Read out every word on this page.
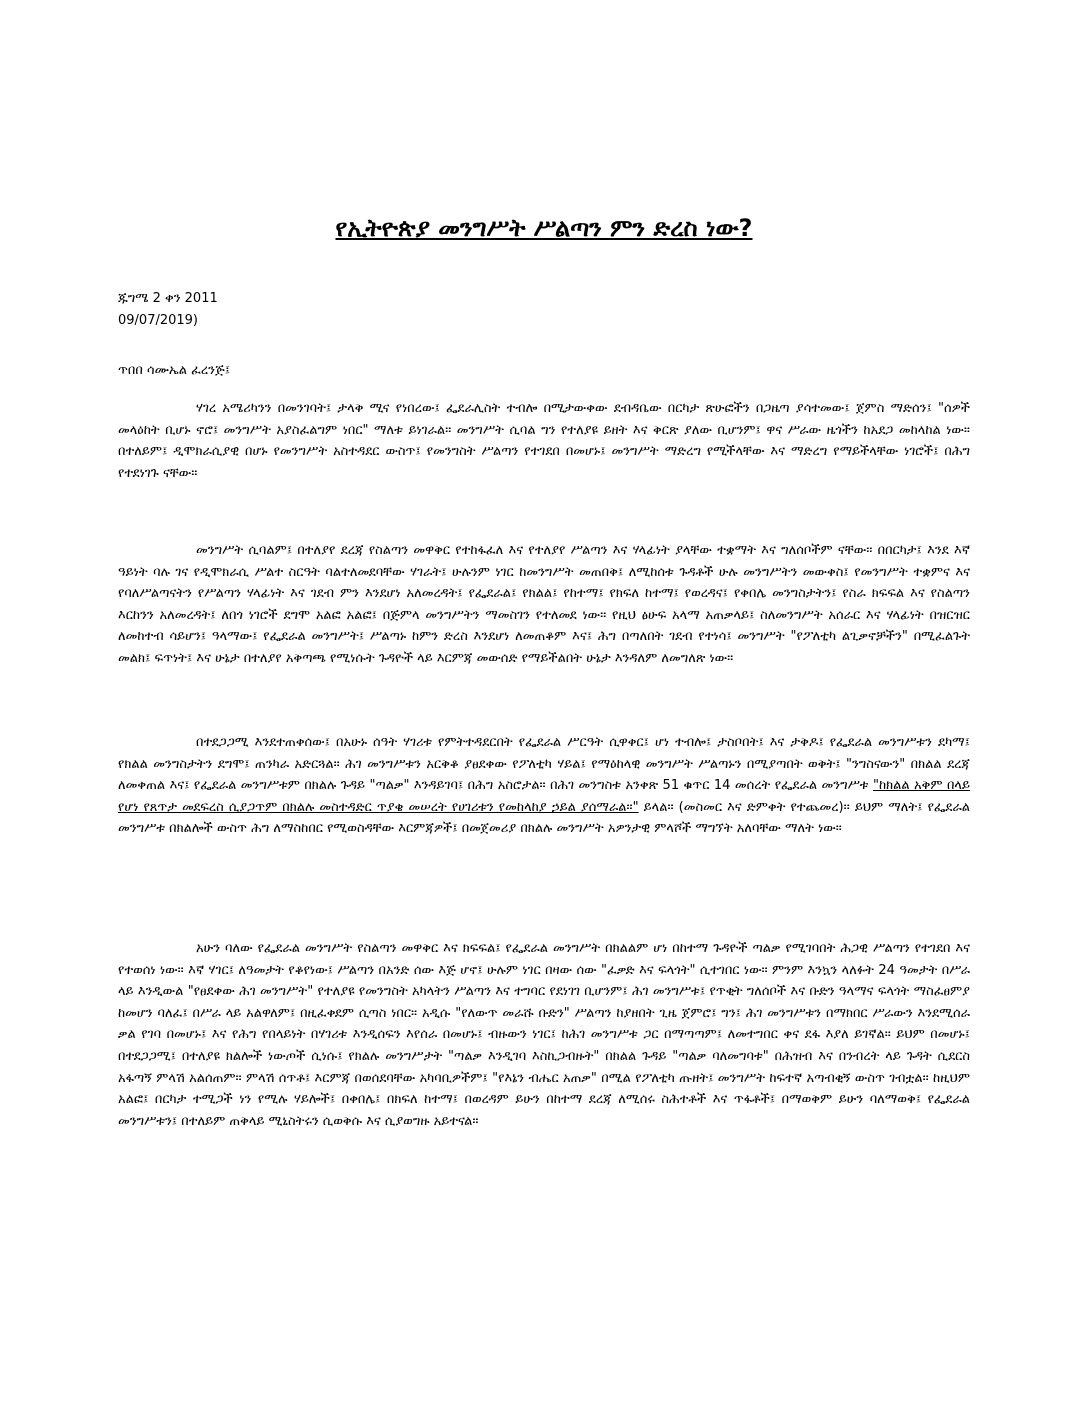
የኢትዮጵያ መንግሥት ሥልጣን ምን ድረስ ነው?
ጁግሜ 2 ቀን 2011
09/07/2019)

ጥበበ ሳሙኤል ፈረንጅ፤

ሃገረ አሜሪካንን በመንገባት፤ ታላቅ ሚና የነበረው፤ ፌደራሊስት ተብሎ በሚታውቀው ደብዳቤው በርካታ ጽሁፎችን በጋዜጣ ያሳተመው፤ ጀምስ ማድሰን፤ "ሰዎች መላዕከት ቢሆኑ ኖሮ፤ መንግሥት አያስፈልግም ነበር" ማለቱ ይነገራል። መንግሥት ሲባል ግን የተለያዩ ይዘት እና ቅርጽ ያለው ቢሆንም፤ ዋና ሥራው ዜጎችን ከአደጋ መከላከል ነው። በተለይም፤ ዲሞክራሲያዊ በሆኑ የመንግሥት አስተዳደር ውስጥ፤ የመንግስት ሥልጣን የተገደበ በመሆኑ፤ መንግሥት ማድረግ የሚችላቸው እና ማድረግ የማይችላቸው ነገሮች፤ በሕግ የተደነገጉ ናቸው።

መንግሥት ሲባልም፤ በተለያየ ደረጃ የስልጣን መዋቅር የተከፋፈለ እና የተለያየ ሥልጣን እና ሃላፊነት ያላቸው ተቋማት እና ግለሰቦችም ናቸው፡፡ በበርካታ፤ እንደ እኛ ዓይነት ባሉ ገና የዲሞክራሲ ሥልተ ስርዓት ባልተለመደባቸው ሃገራት፤ ሁሉንም ነገር ከመንግሥት መጠበቅ፤ ለሚከሰቱ ጉዳቶች ሁሉ መንግሥትን መውቀስ፤ የመንግሥት ተቋምና እና የባለሥልጣናትን የሥልጣን ሃላፊነት እና ገደብ ምን እንደሆነ አለመረዳት፤ የፌደራል፤ የክልል፤ የከተማ፤ የክፍለ ከተማ፤ የወረዳና፤ የቀበሌ መንግስታትን፤ የስራ ክፍፍል እና የስልጣን እርከንን አለመረዳት፤ ለበጎ ነገሮች ደግሞ አልፎ አልፎ፤ በጅምላ መንግሥትን ማመስገን የተለመደ ነው። የዚህ ፅሁፍ አላማ አጠቃላይ፤ ስለመንግሥት አሰራር እና ሃላፊነት በዝርዝር ለመከተብ ሳይሆን፤ ዓላማው፤ የፌደራል መንግሥት፤ ሥልጣኑ ከምን ድረስ እንደሆነ ለመጠቆም እና፤ ሕግ በጣለበት ገደብ የተነሳ፤ መንግሥት "የፖለቲካ ልጊቃኖቻችን" በሚፈልጉት መልክ፤ ፍጥነት፤ እና ሁኔታ በተለያየ አቅጣጫ የሚነሱት ጉዳዮች ላይ እርምጃ መውሰድ የማይችልበት ሁኔታ እንዳለም ለመግለጽ ነው።

በተደጋጋሚ እንደተጠቀሰው፤ በአሁኑ ሰዓት ሃገሪቱ የምትተዳደርበት የፌደራል ሥርዓት ሲዋቀር፤ ሆነ ተብሎ፤ ታስቦበት፤ እና ታቅዶ፤ የፌደራል መንግሥቱን ደካማ፤ የክልል መንግስታትን ደግሞ፤ ጠንካራ አድርጓል። ሕገ መንግሥቱን አርቅቆ ያፀደቀው የፖለቲካ ሃይል፤ የማዕከላዊ መንግሥት ሥልጣኑን በሚያጣበት ወቅት፤ "ንግስናውን" በክልል ደረጃ ለመቀጠል እና፤ የፌደራል መንግሥቱም በክልሉ ጉዳይ "ጣልቃ" እንዳይገባ፤ በሕግ አስሮታል። በሕገ መንግስቱ አንቀጽ 51 ቁጥር 14 መሰረት የፌደራል መንግሥቱ "ከክልል አቅም በላይ የሆነ የጸጥታ መደፍረስ ሲያጋጥም በክልሉ መስተዳድር ጥያቄ መሠረት የሀገሪቱን የመከላከያ ኃይል ያሰማራል፡፡" ይላል። (መስመር እና ድምቀት የተጨመረ)፡፡ ይህም ማለት፤ የፌደራል መንግሥቱ በክልሎች ውስጥ ሕግ ለማስከበር የሚወስዳቸው እርምጃዎች፤ በመጀመሪያ በክልሉ መንግሥት አዎንታዊ ምላሾች ማግኘት አለባቸው ማለት ነው፡፡

አሁን ባለው የፌደራል መንግሥት የስልጣን መዋቅር እና ክፍፍል፤ የፌደራል መንግሥት በክልልም ሆነ በከተማ ጉዳዮች ጣልቃ የሚገባበት ሕጋዊ ሥልጣን የተገደበ እና የተወሰነ ነው። እኛ ሃገር፤ ለዓመታት የቆየነው፤ ሥልጣን በአንድ ሰው እጅ ሆኖ፤ ሁሉም ነገር በዛው ሰው "ፈቃድ እና ፍላጎት" ሲተገበር ነው። ምንም እንኳን ላለፉት 24 ዓመታት በሥራ ላይ እንዲውል "የፀደቀው ሕገ መንግሥት" የተለያዩ የመንግስት አካላትን ሥልጣን እና ተግባር የደነገገ ቢሆንም፤ ሕገ መንግሥቱ፤ የጥቂት ግለሰቦች እና ቡድን ዓላማና ፍላጎት ማስፈፀምያ ከመሆን ባለፈ፤ በሥራ ላይ አልዋለም፤ በዚፈቀደም ሲጣስ ነበር። አዲሱ "የለውጥ መራሹ ቡድን" ሥልጣን ከያዘበት ጊዜ ጀምሮ፤ ግን፤ ሕገ መንግሥቱን በማክበር ሥራውን እንደሚሰራ ቃል የገባ በመሆኑ፤ እና የሕግ የበላይነት በሃገሪቱ እንዲሰፍን እየሰራ በመሆኑ፤ ብዙውን ነገር፤ ከሕገ መንግሥቱ ጋር በማጣጣም፤ ለመተግበር ቀና ደፋ እያለ ይገኛል። ይህም በመሆኑ፤ በተደጋጋሚ፤ በተለያዩ ክልሎች ነውጦች ሲነሱ፤ የክልሉ መንግሥታት "ጣልቃ እንዲገባ እስኪጋብዙት" በክልል ጉዳይ "ጣልቃ ባለመግባቱ" በሕዝብ እና በንብረት ላይ ጉዳት ሲደርስ አፋጣኝ ምላሽ አልሰጠም። ምላሽ ሰጥቶ፤ እርምጃ በወሰደባቸው አካባቢዎችም፤ "የእኔን ብሔር አጠቃ" በሚል የፖለቲካ ጡዘት፤ መንግሥት ከፍተኛ አጣብቂኝ ውስጥ ገብቷል። ከዚህም አልፎ፤ በርካታ ተሚጋች ነን የሚሉ ሃይሎች፤ በቀበሌ፤ በክፍለ ከተማ፤ በወረዳም ይሁን በከተማ ደረጃ ለሚሰሩ ስሕተቶች እና ጥፋቶች፤ በማወቅም ይሁን ባለማወቅ፤ የፌደራል መንግሥቱን፤ በተለይም ጠቅላይ ሚኒስትሩን ሲወቅሱ እና ሲያወግዙ አይተናል።
